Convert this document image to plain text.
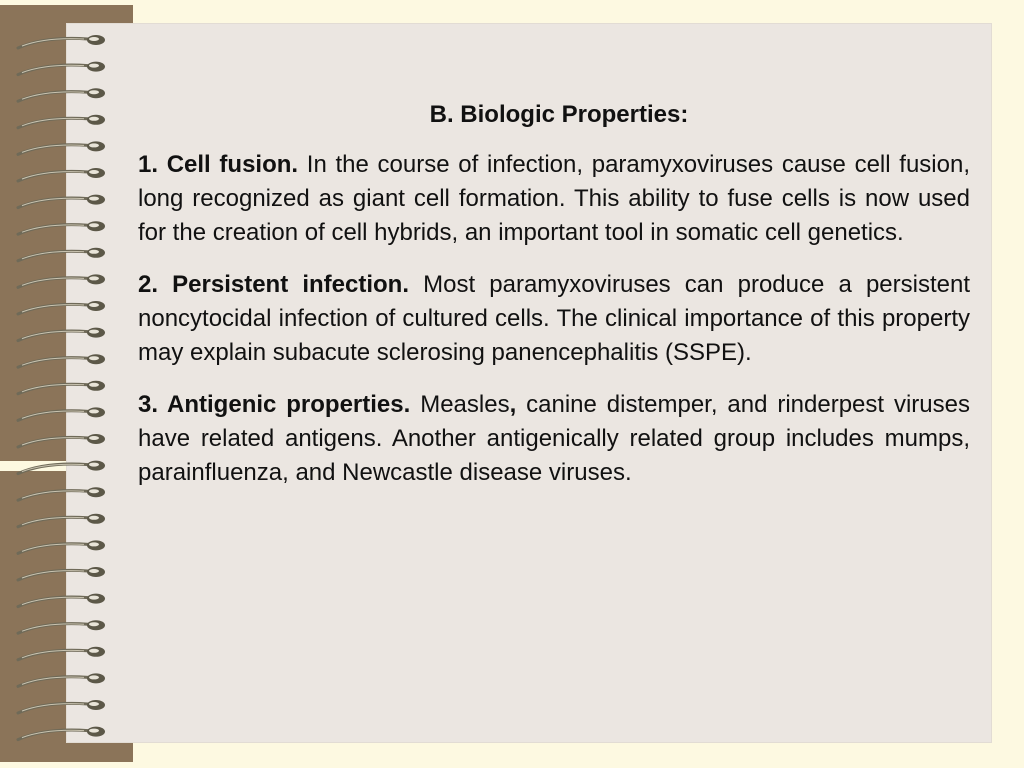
B. Biologic Properties:
1. Cell fusion. In the course of infection, paramyxoviruses cause cell fusion, long recognized as giant cell formation. This ability to fuse cells is now used for the creation of cell hybrids, an important tool in somatic cell genetics.
2. Persistent infection. Most paramyxoviruses can produce a persistent noncytocidal infection of cultured cells. The clinical importance of this property may explain subacute sclerosing panencephalitis (SSPE).
3. Antigenic properties. Measles, canine distemper, and rinderpest viruses have related antigens. Another antigenically related group includes mumps, parainfluenza, and Newcastle disease viruses.
